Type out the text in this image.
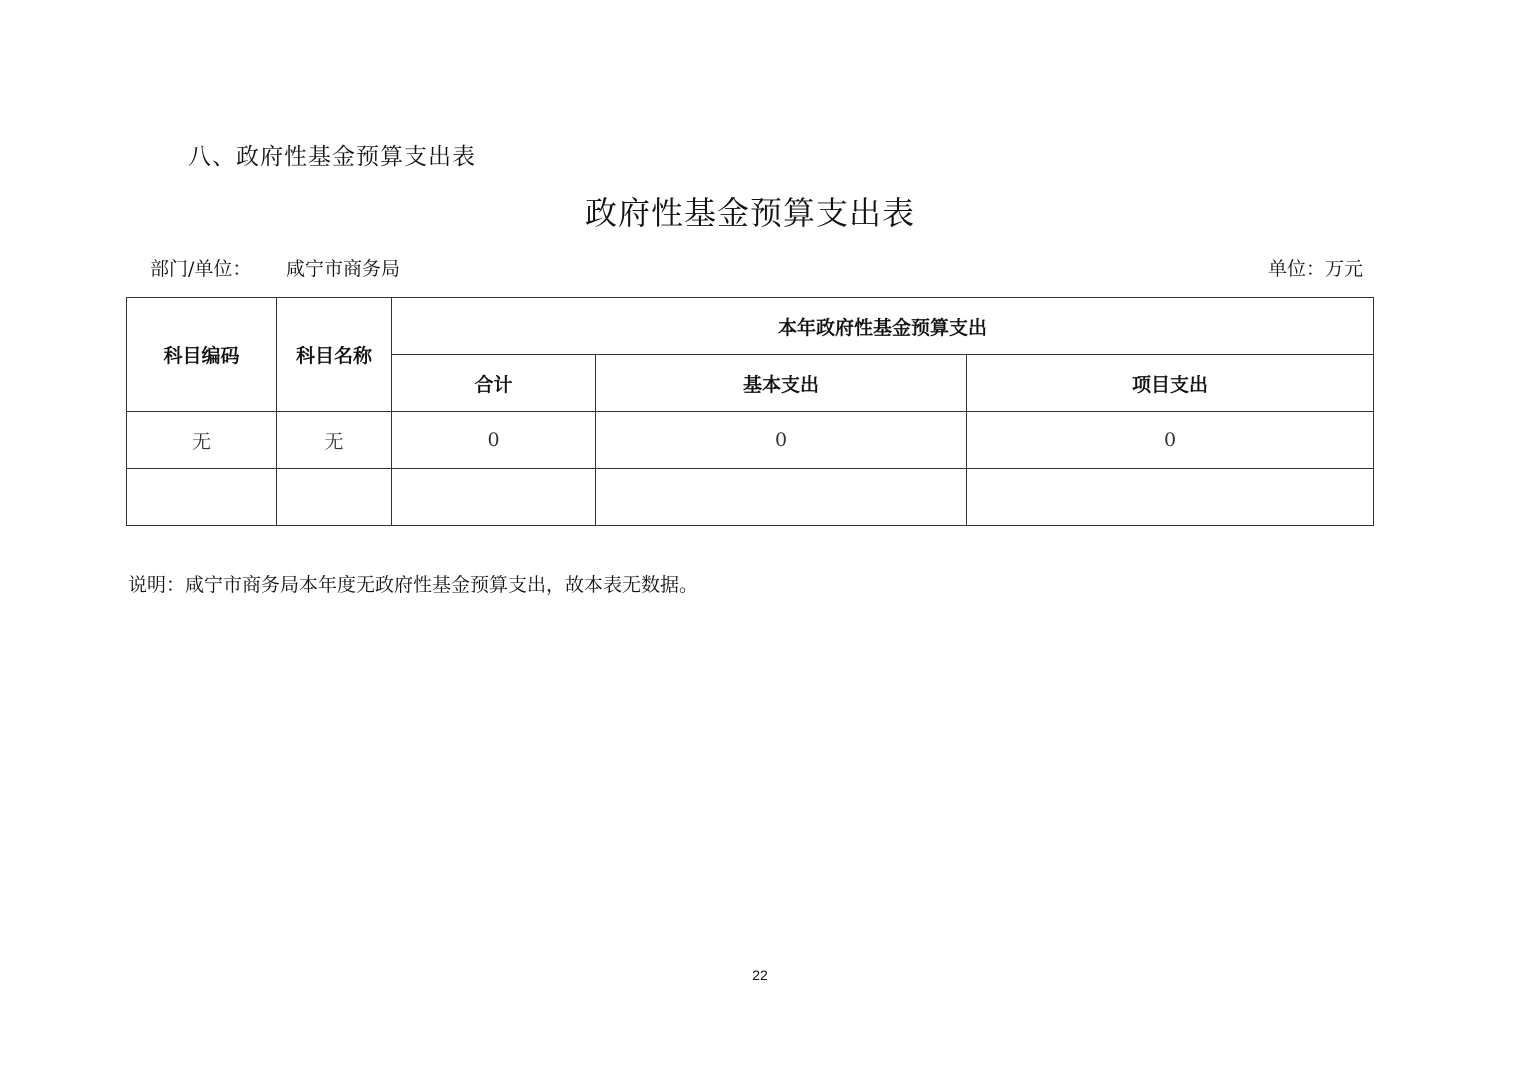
八、政府性基金预算支出表
政府性基金预算支出表
部门/单位： 咸宁市商务局	单位：万元
科目编码	科目名称	本年政府性基金预算支出		
		合计	基本支出	项目支出
无	无	0	0	0

说明：咸宁市商务局本年度无政府性基金预算支出，故本表无数据。
22
